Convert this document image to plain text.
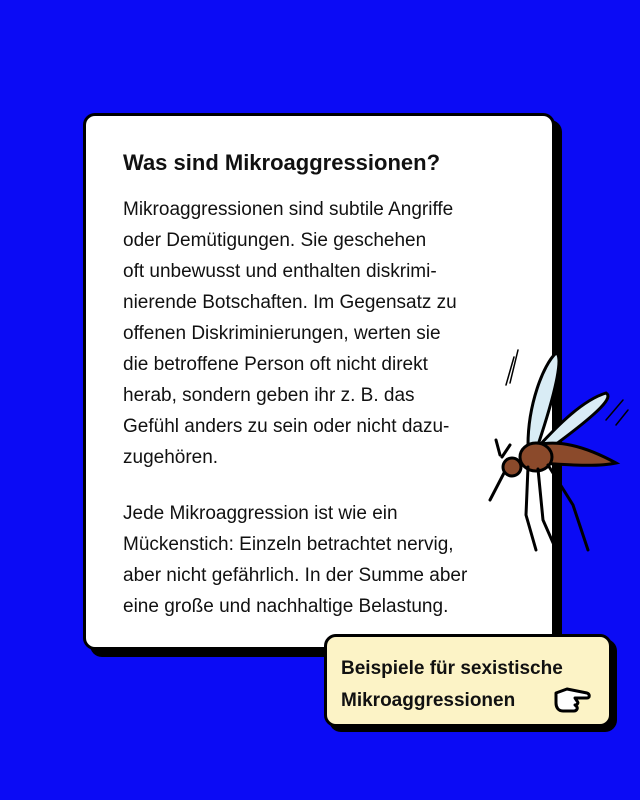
Was sind Mikroaggressionen?

Mikroaggressionen sind subtile Angriffe
oder Demütigungen. Sie geschehen
oft unbewusst und enthalten diskrimi-
nierende Botschaften. Im Gegensatz zu
offenen Diskriminierungen, werten sie
die betroffene Person oft nicht direkt
herab, sondern geben ihr z. B. das
Gefühl anders zu sein oder nicht dazu-
zugehören.

Jede Mikroaggression ist wie ein
Mückenstich: Einzeln betrachtet nervig,
aber nicht gefährlich. In der Summe aber
eine große und nachhaltige Belastung.

Beispiele für sexistische
Mikroaggressionen
